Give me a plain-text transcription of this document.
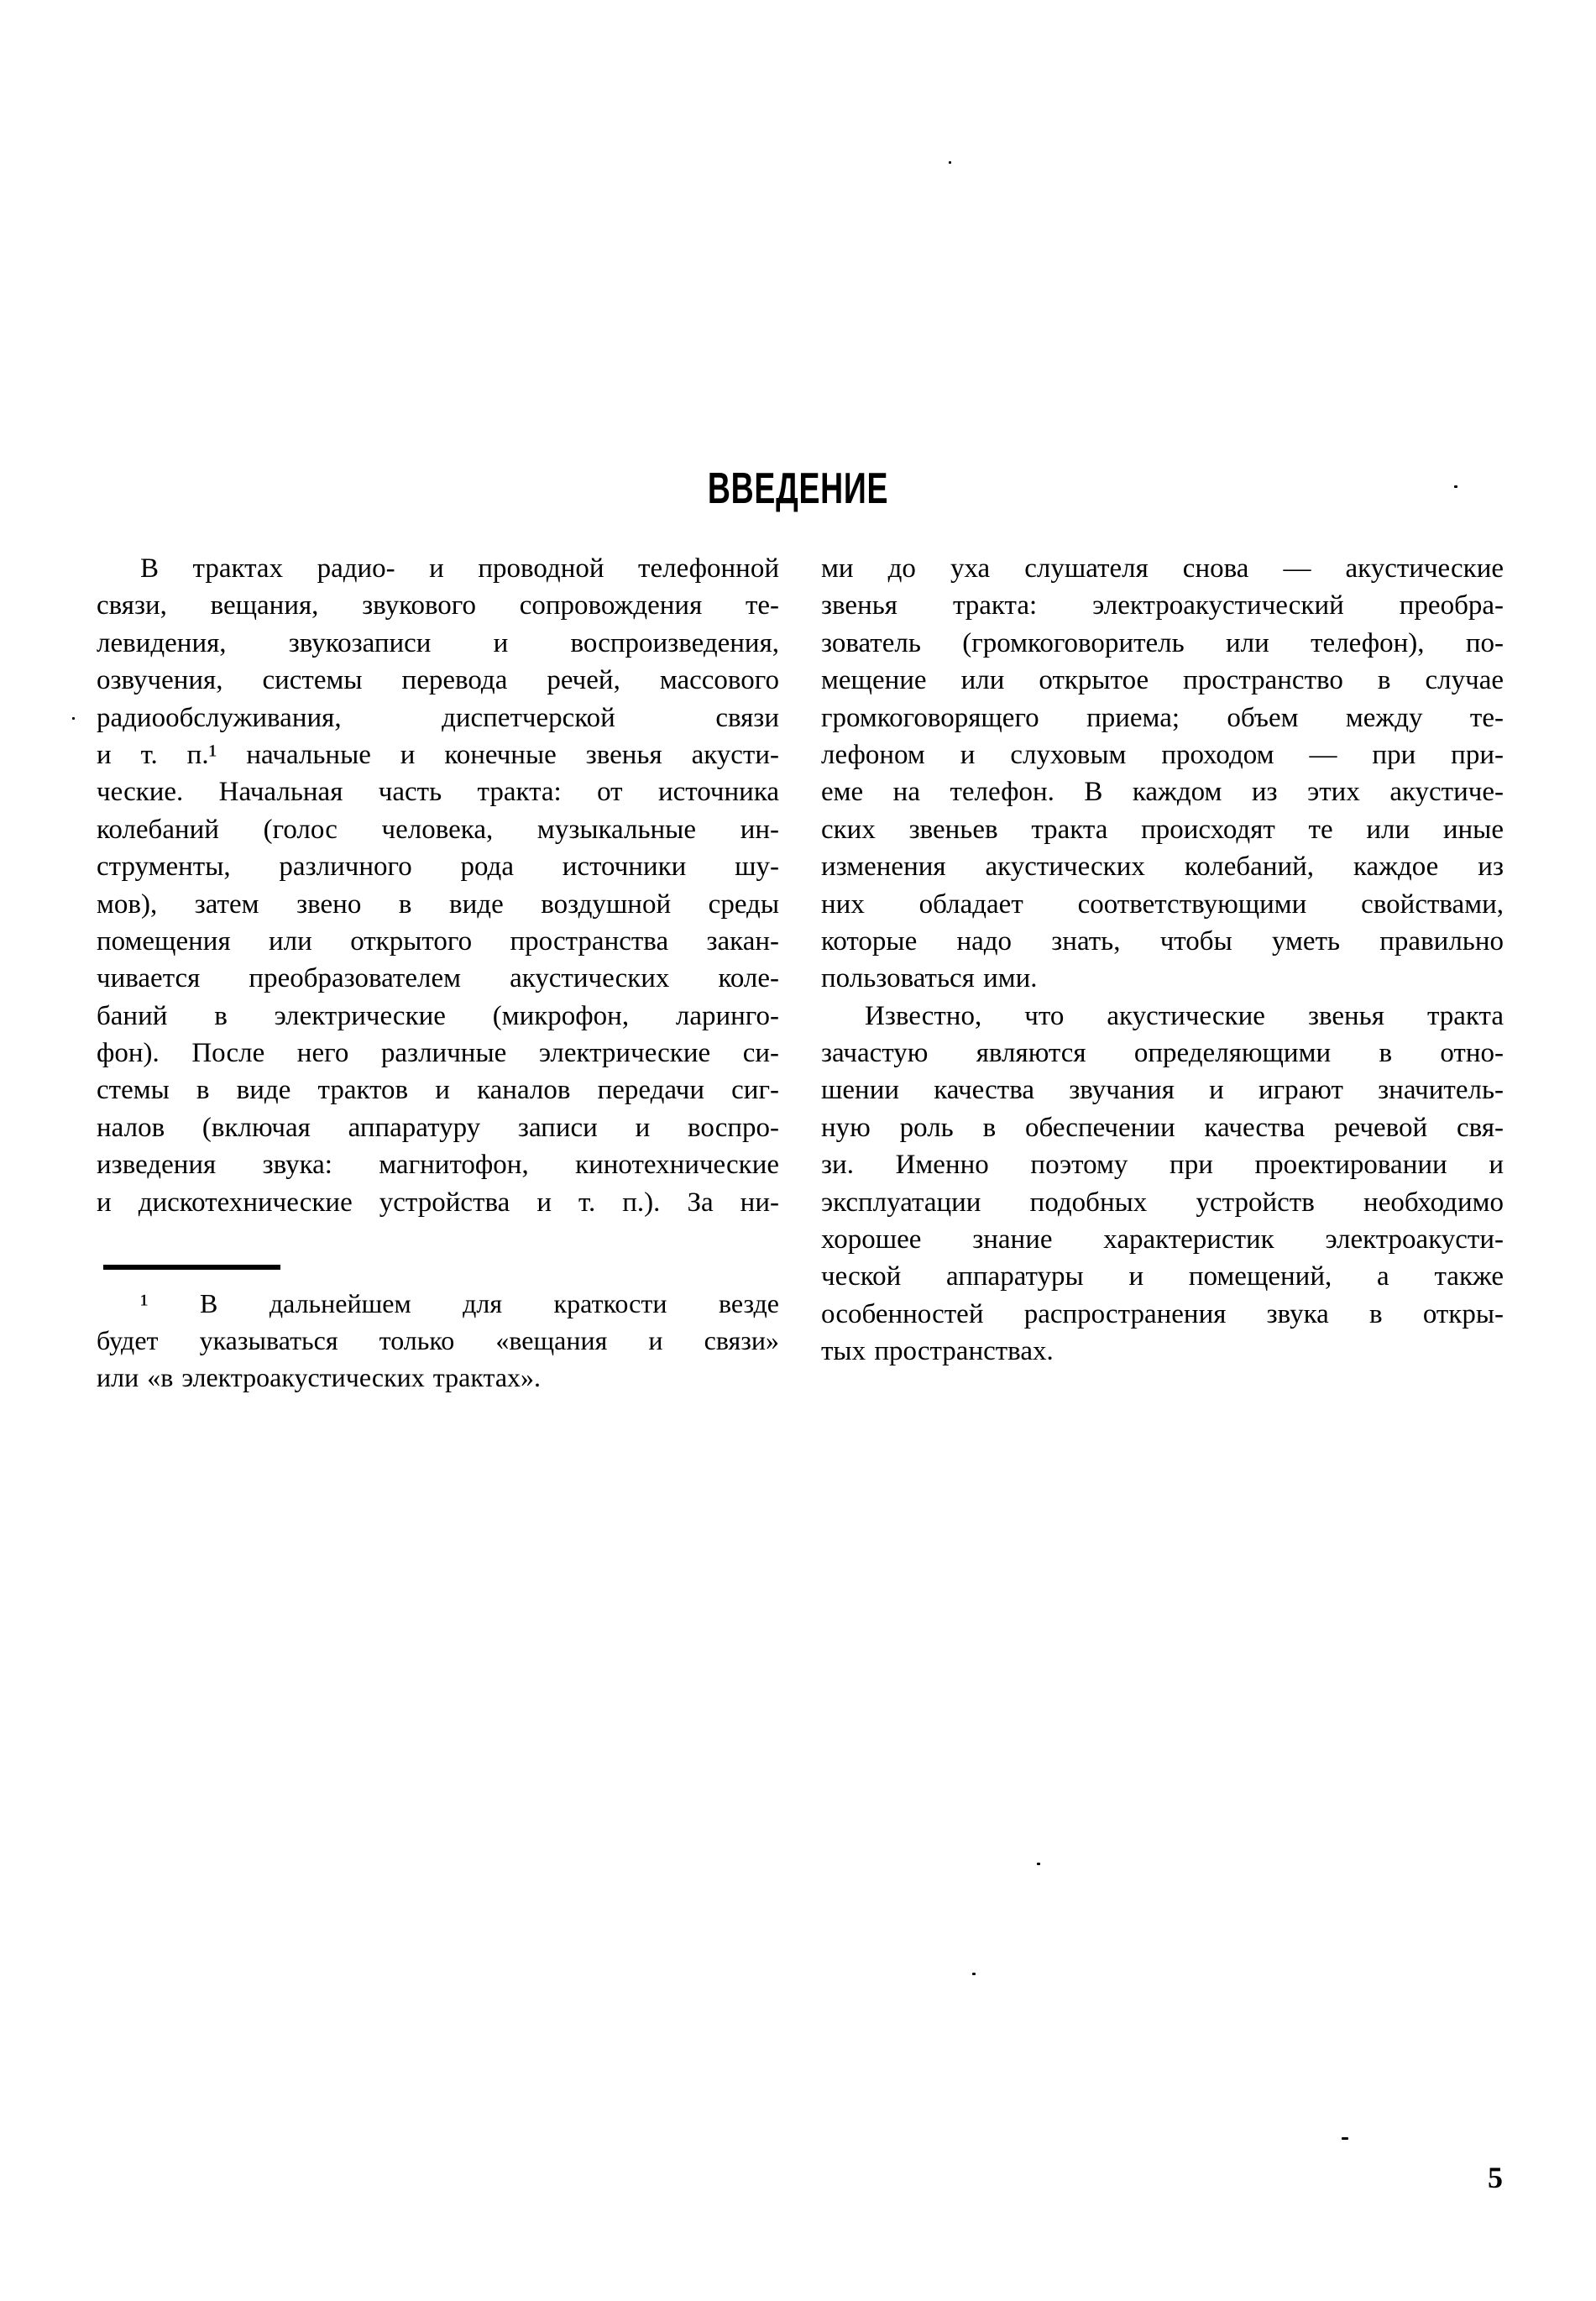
ВВЕДЕНИЕ
В трактах радио- и проводной телефонной
связи, вещания, звукового сопровождения те-
левидения, звукозаписи и воспроизведения,
озвучения, системы перевода речей, массового
радиообслуживания, диспетчерской связи
и т. п.¹ начальные и конечные звенья акусти-
ческие. Начальная часть тракта: от источника
колебаний (голос человека, музыкальные ин-
струменты, различного рода источники шу-
мов), затем звено в виде воздушной среды
помещения или открытого пространства закан-
чивается преобразователем акустических коле-
баний в электрические (микрофон, ларинго-
фон). После него различные электрические си-
стемы в виде трактов и каналов передачи сиг-
налов (включая аппаратуру записи и воспро-
изведения звука: магнитофон, кинотехнические
и дискотехнические устройства и т. п.). За ни-
ми до уха слушателя снова — акустические
звенья тракта: электроакустический преобра-
зователь (громкоговоритель или телефон), по-
мещение или открытое пространство в случае
громкоговорящего приема; объем между те-
лефоном и слуховым проходом — при при-
еме на телефон. В каждом из этих акустиче-
ских звеньев тракта происходят те или иные
изменения акустических колебаний, каждое из
них обладает соответствующими свойствами,
которые надо знать, чтобы уметь правильно
пользоваться ими.
Известно, что акустические звенья тракта
зачастую являются определяющими в отно-
шении качества звучания и играют значитель-
ную роль в обеспечении качества речевой свя-
зи. Именно поэтому при проектировании и
эксплуатации подобных устройств необходимо
хорошее знание характеристик электроакусти-
ческой аппаратуры и помещений, а также
особенностей распространения звука в откры-
тых пространствах.
¹ В дальнейшем для краткости везде
будет указываться только «вещания и связи»
или «в электроакустических трактах».
5
